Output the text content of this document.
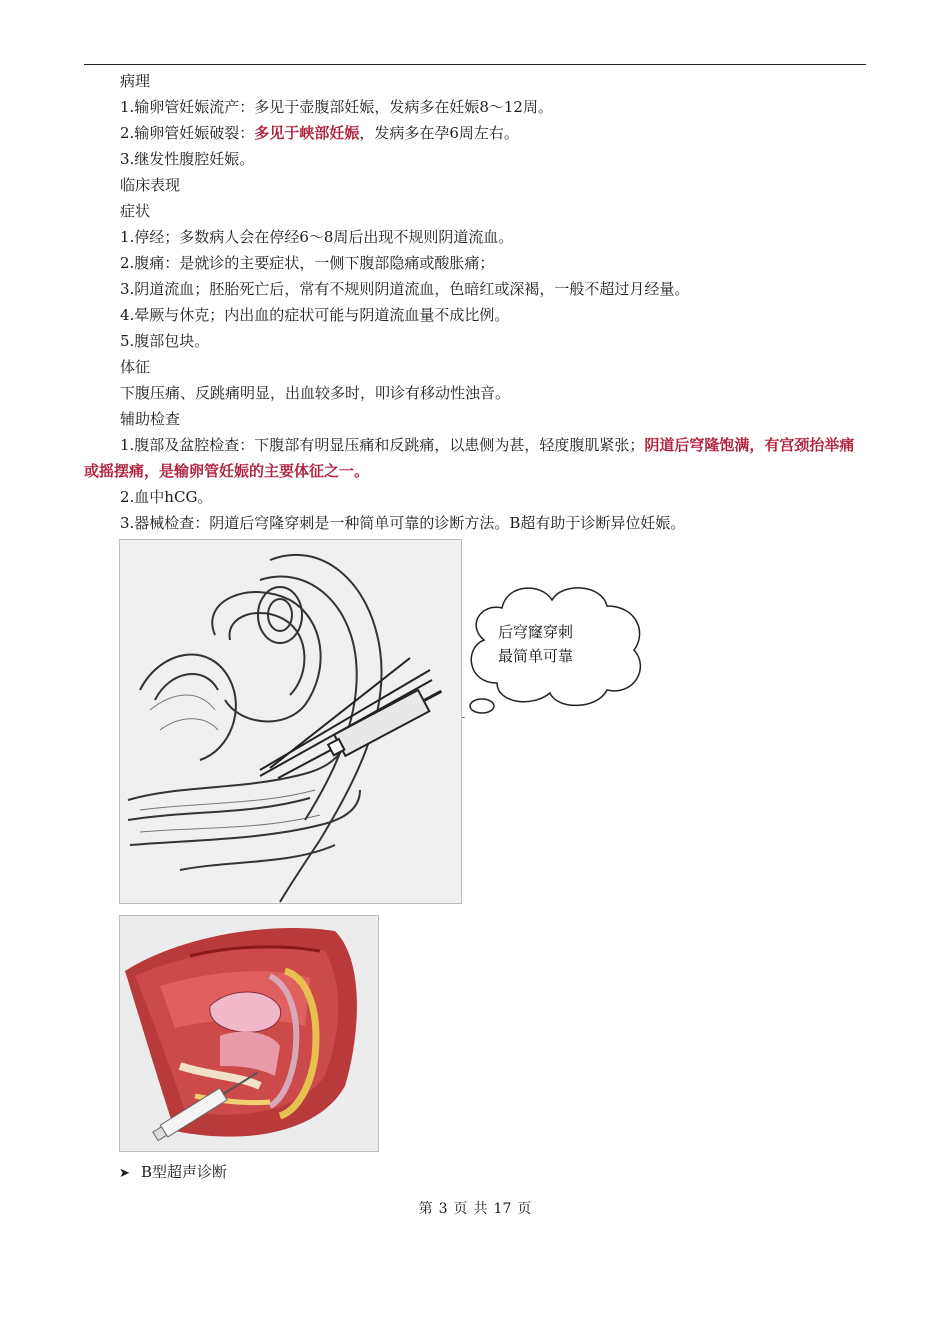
病理
1.输卵管妊娠流产：多见于壶腹部妊娠，发病多在妊娠8～12周。
2.输卵管妊娠破裂：多见于峡部妊娠，发病多在孕6周左右。
3.继发性腹腔妊娠。
临床表现
症状
1.停经；多数病人会在停经6～8周后出现不规则阴道流血。
2.腹痛：是就诊的主要症状，一侧下腹部隐痛或酸胀痛；
3.阴道流血；胚胎死亡后，常有不规则阴道流血，色暗红或深褐，一般不超过月经量。
4.晕厥与休克；内出血的症状可能与阴道流血量不成比例。
5.腹部包块。
体征
下腹压痛、反跳痛明显，出血较多时，叩诊有移动性浊音。
辅助检查
1.腹部及盆腔检查：下腹部有明显压痛和反跳痛，以患侧为甚，轻度腹肌紧张；阴道后穹隆饱满，有宫颈抬举痛或摇摆痛，是输卵管妊娠的主要体征之一。
2.血中hCG。
3.器械检查：阴道后穹隆穿刺是一种简单可靠的诊断方法。B超有助于诊断异位妊娠。
后穹窿穿刺
最简单可靠
➤ B型超声诊断
第 3 页 共 17 页
